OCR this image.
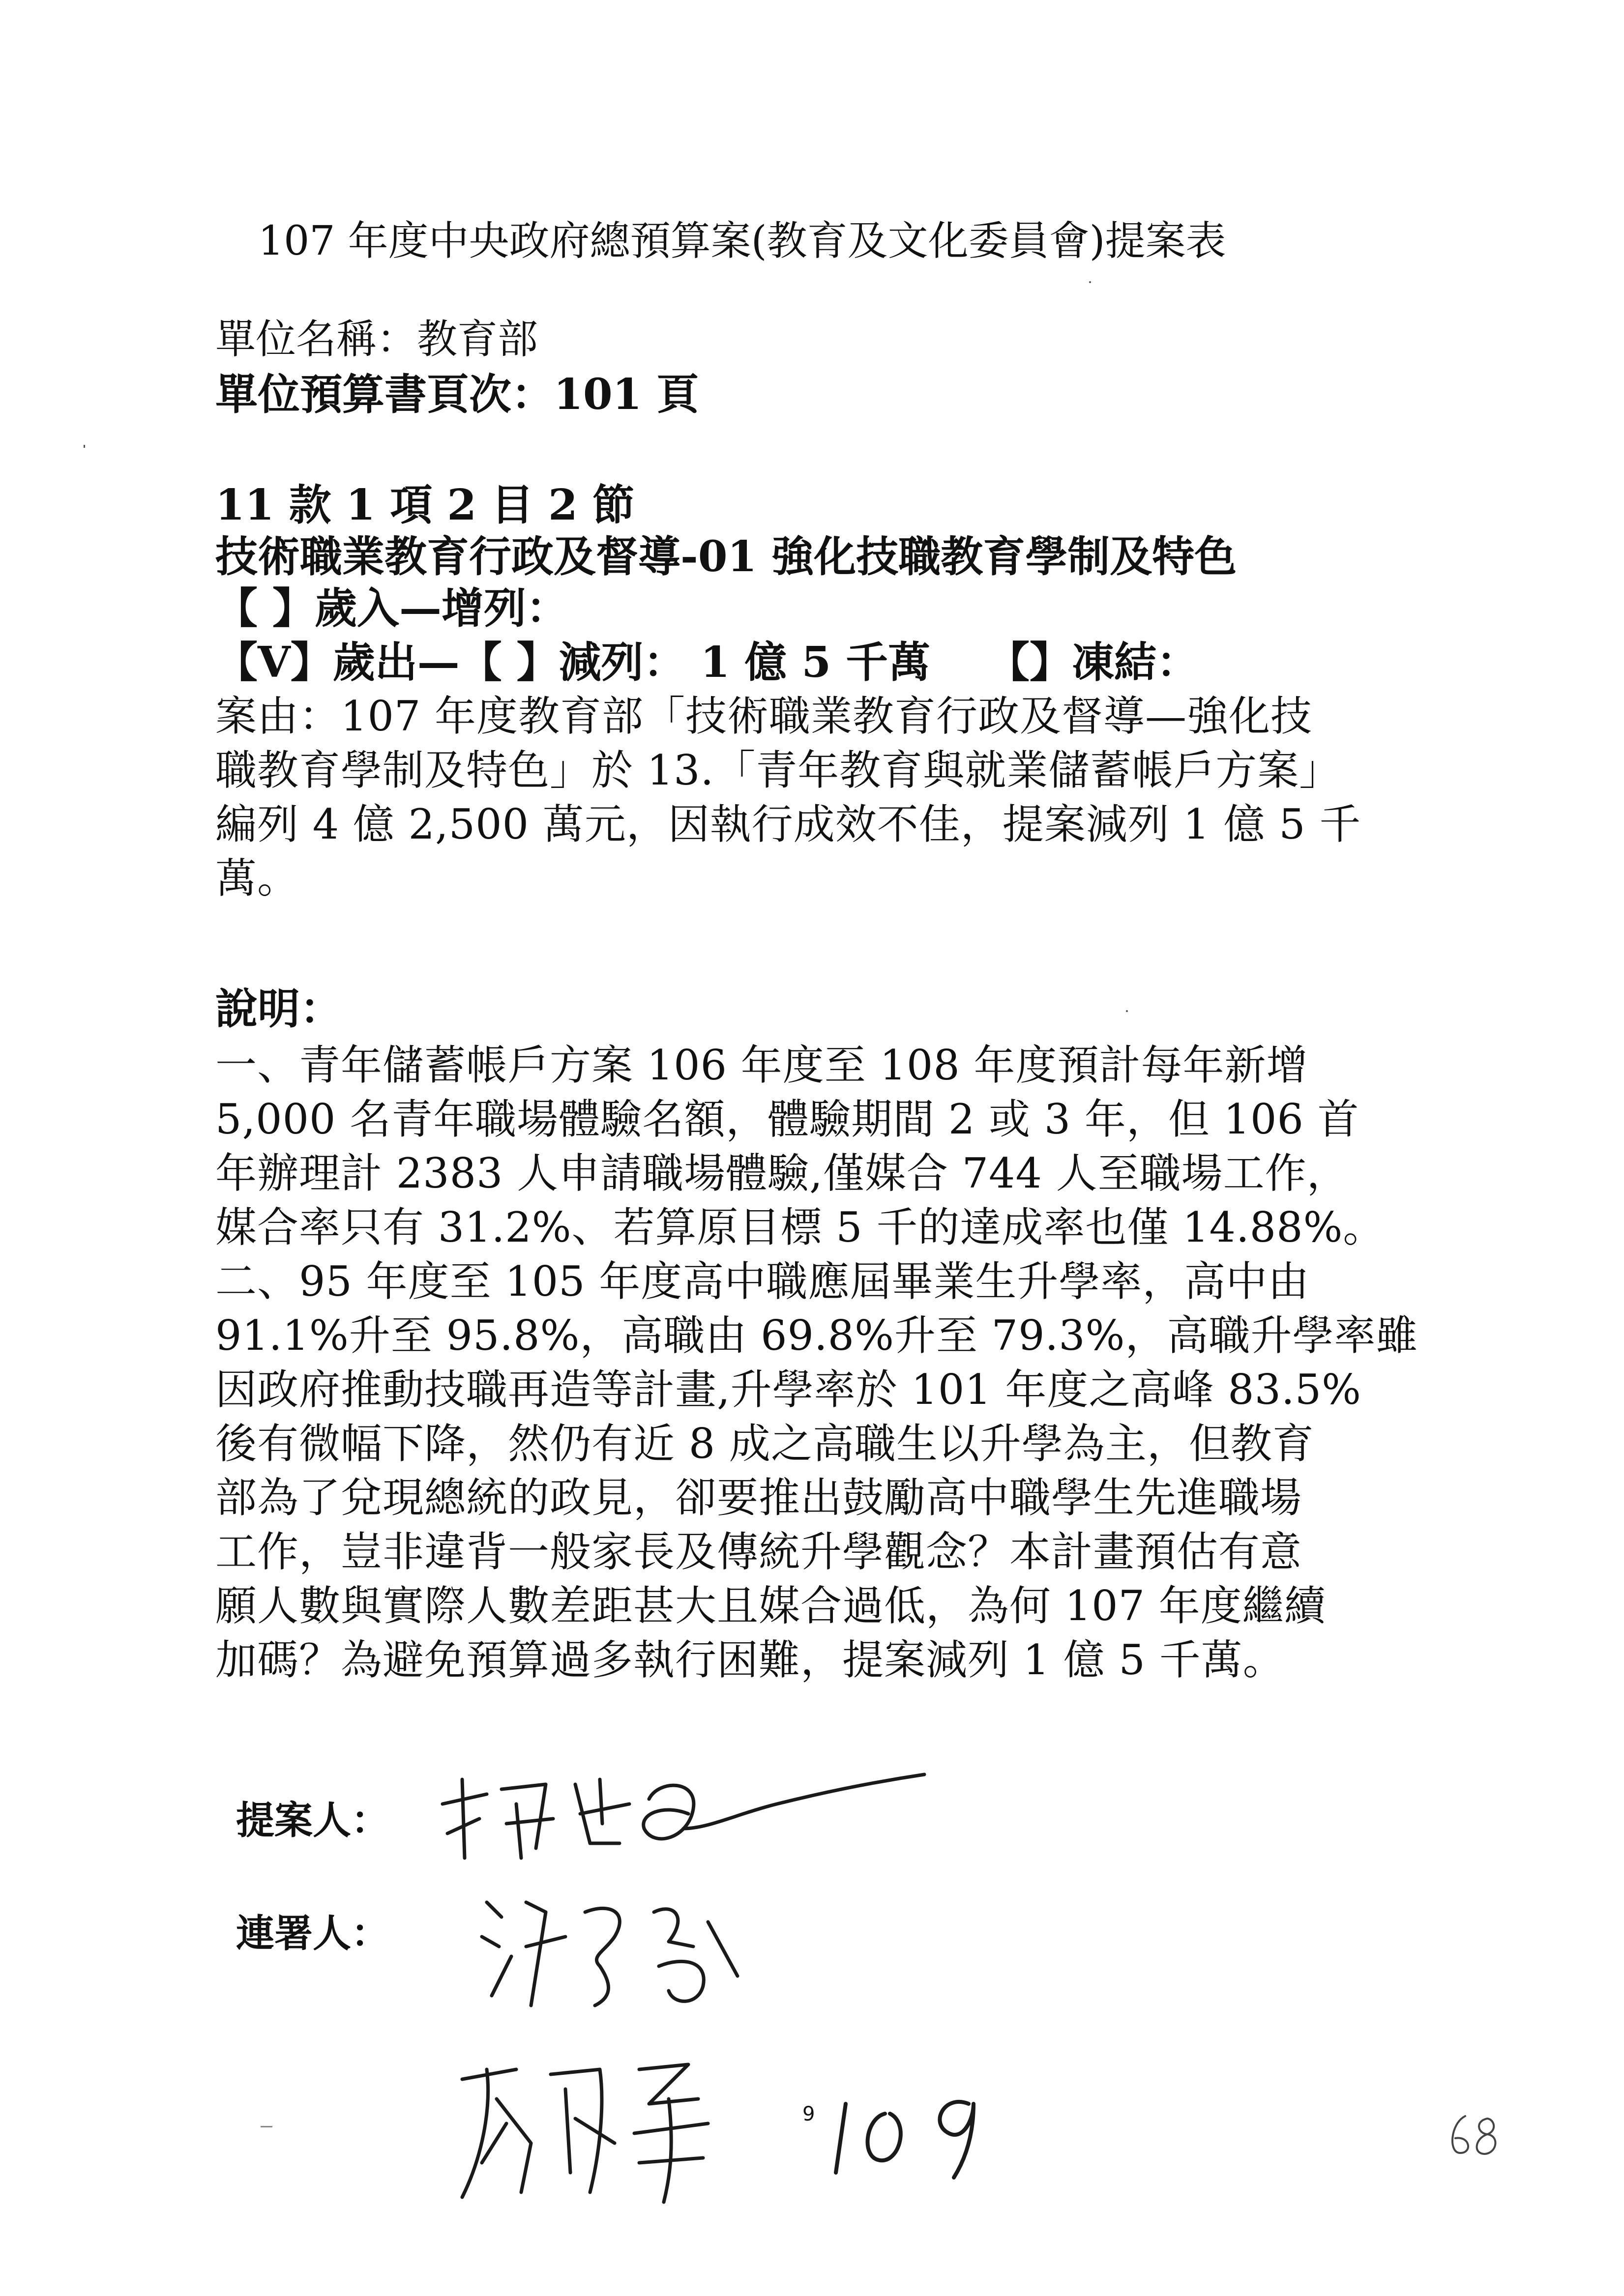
107 年度中央政府總預算案(教育及文化委員會)提案表
單位名稱：教育部
單位預算書頁次：101 頁
11 款 1 項 2 目 2 節
技術職業教育行政及督導-01 強化技職教育學制及特色
【 】歲入—增列：
【V】歲出—【 】減列： 1 億 5 千萬　 【】凍結：
案由：107 年度教育部「技術職業教育行政及督導—強化技
職教育學制及特色」於 13.「青年教育與就業儲蓄帳戶方案」
編列 4 億 2,500 萬元，因執行成效不佳，提案減列 1 億 5 千
萬。
說明：
一、青年儲蓄帳戶方案 106 年度至 108 年度預計每年新增
5,000 名青年職場體驗名額，體驗期間 2 或 3 年，但 106 首
年辦理計 2383 人申請職場體驗,僅媒合 744 人至職場工作，
媒合率只有 31.2%、若算原目標 5 千的達成率也僅 14.88%。
二、95 年度至 105 年度高中職應屆畢業生升學率，高中由
91.1%升至 95.8%，高職由 69.8%升至 79.3%，高職升學率雖
因政府推動技職再造等計畫,升學率於 101 年度之高峰 83.5%
後有微幅下降，然仍有近 8 成之高職生以升學為主，但教育
部為了兌現總統的政見，卻要推出鼓勵高中職學生先進職場
工作，豈非違背一般家長及傳統升學觀念？本計畫預估有意
願人數與實際人數差距甚大且媒合過低，為何 107 年度繼續
加碼？為避免預算過多執行困難，提案減列 1 億 5 千萬。
提案人：
連署人：
9
